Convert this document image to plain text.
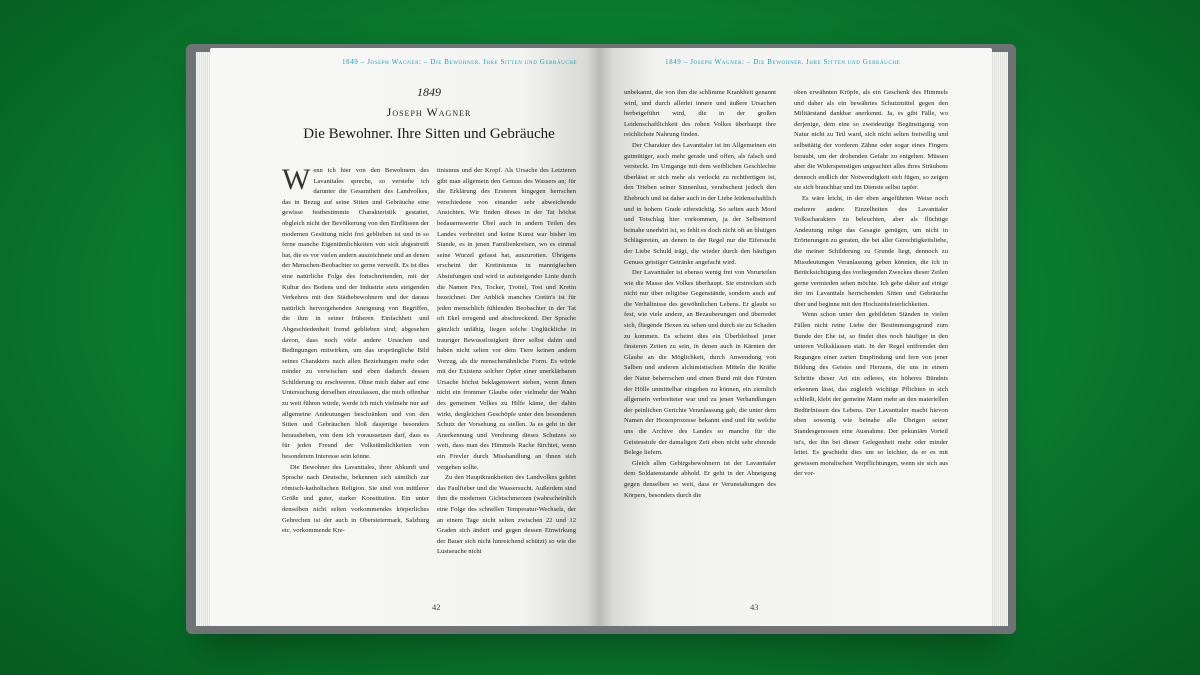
1849 – Joseph Wagner: – Die Bewohner. Ihre Sitten und Gebräuche
1849
Joseph Wagner
Die Bewohner. Ihre Sitten und Gebräuche

Wenn ich hier von den Bewohnern des Lavanttales spreche, so verstehe ich darunter die Gesamtheit des Landvolkes, das in Bezug auf seine Sitten und Gebräuche eine gewisse festbestimmte Charakteristik gestattet, obgleich nicht der Bevölkerung von den Einflüssen der modernen Gesittung nicht frei geblieben ist und in so ferne manche Eigentümlichkeiten von sich abgestreift hat, die es vor vielen andern auszeichnete und an denen der Menschen-Beobachter so gerne verweilt. Es ist dies eine natürliche Folge des fortschreitenden, mit der Kultur des Bodens und der Industrie stets steigenden Verkehres mit den Städtebewohnern und der daraus natürlich hervorgehenden Aneignung von Begriffen, die ihm in seiner früheren Einfachheit und Abgeschiedenheit fremd geblieben sind; abgesehen davon, dass noch viele andere Ursachen und Bedingungen mitwirken, um das ursprüngliche Bild seines Charakters nach allen Beziehungen mehr oder minder zu verwischen und eben dadurch dessen Schilderung zu erschweren. Ohne mich daher auf eine Untersuchung derselben einzulassen, die mich offenbar zu weit führen würde, werde ich mich vielmehr nur auf allgemeine Andeutungen beschränken und von den Sitten und Gebräuchen bloß dasjenige besonders herausheben, von dem ich voraussetzen darf, dass es für jeden Freund der Volkstümlichkeiten von besonderem Interesse sein könne.

Die Bewohner des Lavanttales, ihrer Abkunft und Sprache nach Deutsche, bekennen sich sämtlich zur römisch-katholischen Religion. Sie sind von mittlerer Größe und guter, starker Konstitution. Ein unter denselben nicht selten vorkommendes körperliches Gebrechen ist der auch in Obersteiermark, Salzburg etc. vorkommende Kre-

tinismus und der Kropf. Als Ursache des Letzteren gibt man allgemein den Genuss des Wassers an; für die Erklärung des Ersteren hingegen herrschen verschiedene von einander sehr abweichende Ansichten. Wir finden dieses in der Tat höchst bedauernswerte Übel auch in andern Teilen des Landes verbreitet und keine Kunst war bisher im Stande, es in jenen Familienkreisen, wo es einmal seine Wurzel gefasst hat, auszurotten. Übrigens erscheint der Kretinismus in mannigfachen Abstufungen und wird in aufsteigender Linie durch die Namen Fex, Tocker, Trottel, Tost und Kretin bezeichnet. Der Anblick manches Cretin's ist für jeden menschlich fühlenden Beobachter in der Tat oft Ekel erregend und abschreckend. Der Sprache gänzlich unfähig, liegen solche Unglückliche in trauriger Bewusstlosigkeit ihrer selbst dahin und haben nicht selten vor dem Tiere keinen andern Vorzug, als die menschenähnliche Form. Es würde mit der Existenz solcher Opfer einer unerklärbaren Ursache höchst beklagenswert stehen, wenn ihnen nicht ein frommer Glaube oder vielmehr der Wahn des gemeinen Volkes zu Hilfe käme, der dahin wirkt, dergleichen Geschöpfe unter den besonderen Schutz der Vorsehung zu stellen. Ja es geht in der Anerkennung und Verehrung dieses Schutzes so weit, dass man des Himmels Rache fürchtet, wenn ein Frevler durch Misshandlung an ihnen sich vergehen sollte.

Zu den Hauptkrankheiten des Landvolkes gehört das Faulfieber und die Wassersucht. Außerdem sind ihm die modernen Gichtschmerzen (wahrscheinlich eine Folge des schnellen Temperatur-Wechsels, der an einem Tage nicht selten zwischen 22 und 12 Graden sich ändert und gegen dessen Einwirkung der Bauer sich nicht hinreichend schützt) so wie die Lustseuche nicht

42
1849 – Joseph Wagner: – Die Bewohner. Ihre Sitten und Gebräuche

unbekannt, die von ihm die schlimme Krankheit genannt wird, und durch allerlei innere und äußere Ursachen herbeigeführt wird, die in der großen Leidenschaftlichkeit des rohen Volkes überhaupt ihre reichlichste Nahrung finden.

Der Charakter des Lavanttaler ist im Allgemeinen ein gutmütiger, auch mehr gerade und offen, als falsch und versteckt. Im Umgange mit dem weiblichen Geschlechte überlässt er sich mehr als verlockt zu rechtfertigen ist, den Trieben seiner Sinnenlust, verabscheut jedoch den Ehebruch und ist daher auch in der Liebe leidenschaftlich und in hohem Grade eifersüchtig. So selten auch Mord und Totschlag hier vorkommen, ja der Selbstmord beinahe unerhört ist, so fehlt es doch nicht oft an blutigen Schlägereien, an denen in der Regel nur die Eifersucht der Liebe Schuld trägt, die wieder durch den häufigen Genuss geistiger Getränke angefacht wird.

Der Lavanttaler ist ebenso wenig frei von Vorurteilen wie die Masse des Volkes überhaupt. Sie erstrecken sich nicht nur über religiöse Gegenstände, sondern auch auf die Verhältnisse des gewöhnlichen Lebens. Er glaubt so fest, wie viele andere, an Bezauberungen und überredet sich, fliegende Hexen zu sehen und durch sie zu Schaden zu kommen. Es scheint dies ein Überbleibsel jener finsteren Zeiten zu sein, in denen auch in Kärnten der Glaube an die Möglichkeit, durch Anwendung von Salben und anderen alchimistischen Mitteln die Kräfte der Natur beherrschen und einen Bund mit den Fürsten der Hölle unmittelbar eingehen zu können, ein ziemlich allgemein verbreiteter war und zu jenen Verhandlungen der peinlichen Gerichte Veranlassung gab, die unter dem Namen der Hexenprozesse bekannt sind und für welche uns die Archive des Landes so manche für die Geistesstufe der damaligen Zeit eben nicht sehr ehrende Belege liefern.

Gleich allen Gebirgsbewohnern ist der Lavanttaler dem Soldatenstande abhold. Er geht in der Abneigung gegen denselben so weit, dass er Verunstaltungen des Körpers, besonders durch die

oben erwähnten Kröpfe, als ein Geschenk des Himmels und daher als ein bewährtes Schutzmittel gegen den Militärstand dankbar anerkennt. Ja, es gibt Fälle, wo derjenige, dem eine so zweideutige Begünstigung von Natur nicht zu Teil ward, sich nicht selten freiwillig und selbsttätig der vorderen Zähne oder sogar eines Fingers beraubt, um der drohenden Gefahr zu entgehen. Müssen aber die Widerspenstigen ungeachtet alles ihres Sträubens dennoch endlich der Notwendigkeit sich fügen, so zeigen sie sich brauchbar und im Dienste selbst tapfer.

Es wäre leicht, in der eben angeführten Weise noch mehrere andere Einzelheiten des Lavanttaler Volkscharakters zu beleuchten, aber als flüchtige Andeutung möge das Gesagte genügen, um nicht in Erörterungen zu geraten, die bei aller Gerechtigkeitsliebe, die meiner Schilderung zu Grunde liegt, dennoch zu Missdeutungen Veranlassung geben könnten, die ich in Berücksichtigung des vorliegenden Zweckes dieser Zeilen gerne vermieden sehen möchte. Ich gehe daher auf einige der im Lavanttale herrschenden Sitten und Gebräuche über und beginne mit den Hochzeitsfeierlichkeiten.

Wenn schon unter den gebildeten Ständen in vielen Fällen nicht reine Liebe der Bestimmungsgrund zum Bunde der Ehe ist, so findet dies noch häufiger in den unteren Volksklassen statt. In der Regel entfremdet den Regungen einer zarten Empfindung und fern von jener Bildung des Geistes und Herzens, die uns in einem Schritte dieser Art ein edleres, ein höheres Bündnis erkennen lässt, das zugleich wichtige Pflichten in sich schließt, klebt der gemeine Mann mehr an den materiellen Bedürfnissen des Lebens. Der Lavanttaler macht hievon eben sowenig wie beinahe alle Übrigen seiner Standesgenossen eine Ausnahme. Der pekuniäre Vorteil ist's, der ihn bei dieser Gelegenheit mehr oder minder leitet. Es geschieht dies um so leichter, da er es mit gewissen moralischen Verpflichtungen, wenn sie sich aus der vor-

43
